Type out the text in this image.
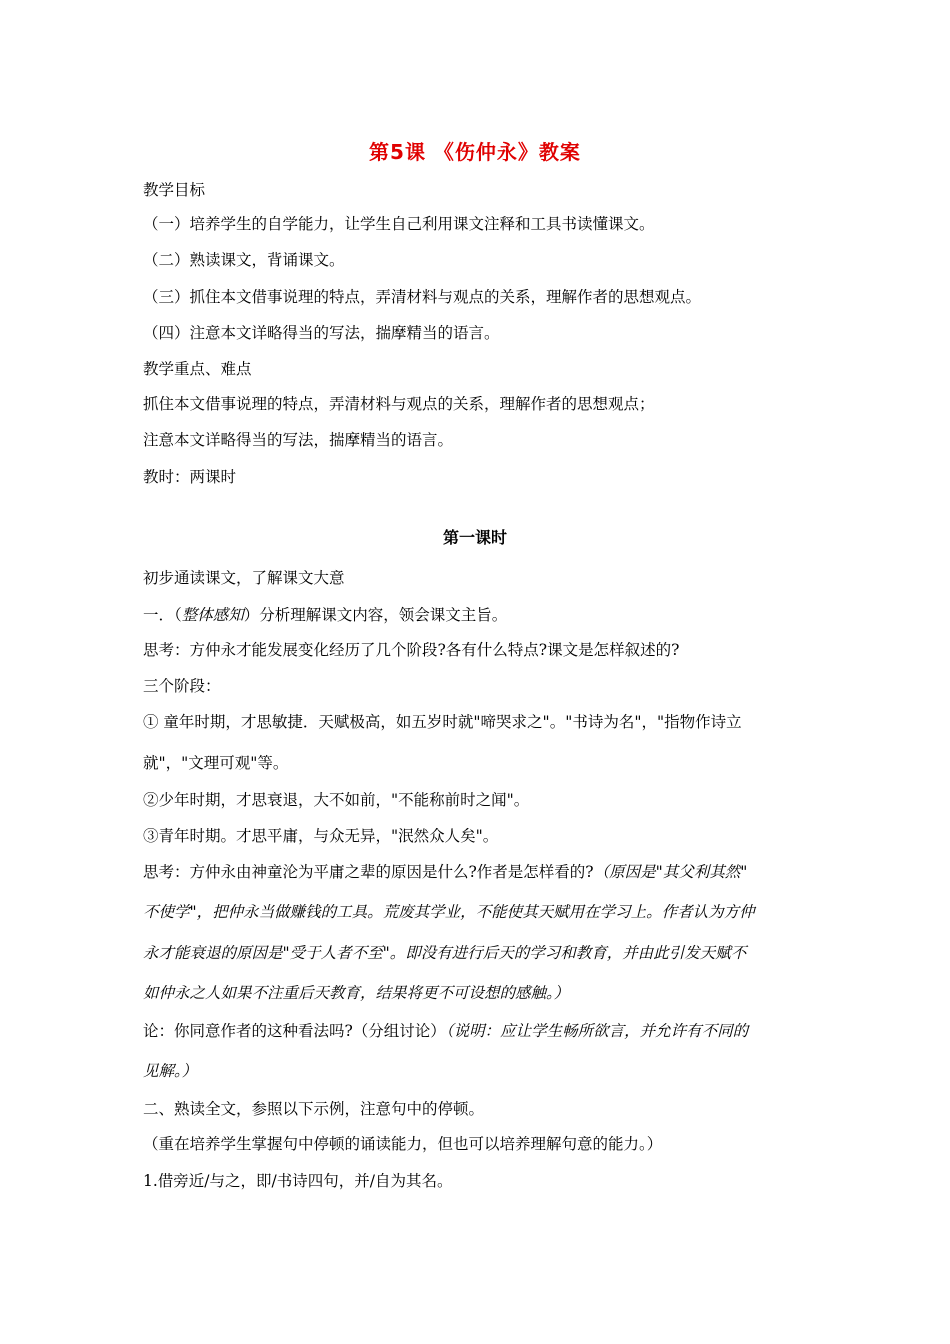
第5课 《伤仲永》教案
教学目标
（一）培养学生的自学能力，让学生自己利用课文注释和工具书读懂课文。
（二）熟读课文，背诵课文。
（三）抓住本文借事说理的特点，弄清材料与观点的关系，理解作者的思想观点。
（四）注意本文详略得当的写法，揣摩精当的语言。
教学重点、难点
抓住本文借事说理的特点，弄清材料与观点的关系，理解作者的思想观点；
注意本文详略得当的写法，揣摩精当的语言。
教时：两课时
第一课时
初步通读课文，了解课文大意
一．（整体感知）分析理解课文内容，领会课文主旨。
思考：方仲永才能发展变化经历了几个阶段?各有什么特点?课文是怎样叙述的?
三个阶段：
① 童年时期，才思敏捷．天赋极高，如五岁时就"啼哭求之"。"书诗为名"，"指物作诗立
就"，"文理可观"等。
②少年时期，才思衰退，大不如前，"不能称前时之闻"。
③青年时期。才思平庸，与众无异，"泯然众人矣"。
思考：方仲永由神童沦为平庸之辈的原因是什么?作者是怎样看的?（原因是"其父利其然"
不使学"，把仲永当做赚钱的工具。荒废其学业，不能使其天赋用在学习上。作者认为方仲
永才能衰退的原因是"受于人者不至"。即没有进行后天的学习和教育，并由此引发天赋不
如仲永之人如果不注重后天教育，结果将更不可设想的感触。）
论：你同意作者的这种看法吗?（分组讨论）（说明：应让学生畅所欲言，并允许有不同的
见解。）
二、熟读全文，参照以下示例，注意句中的停顿。
（重在培养学生掌握句中停顿的诵读能力，但也可以培养理解句意的能力。）
1.借旁近/与之，即/书诗四句，并/自为其名。
